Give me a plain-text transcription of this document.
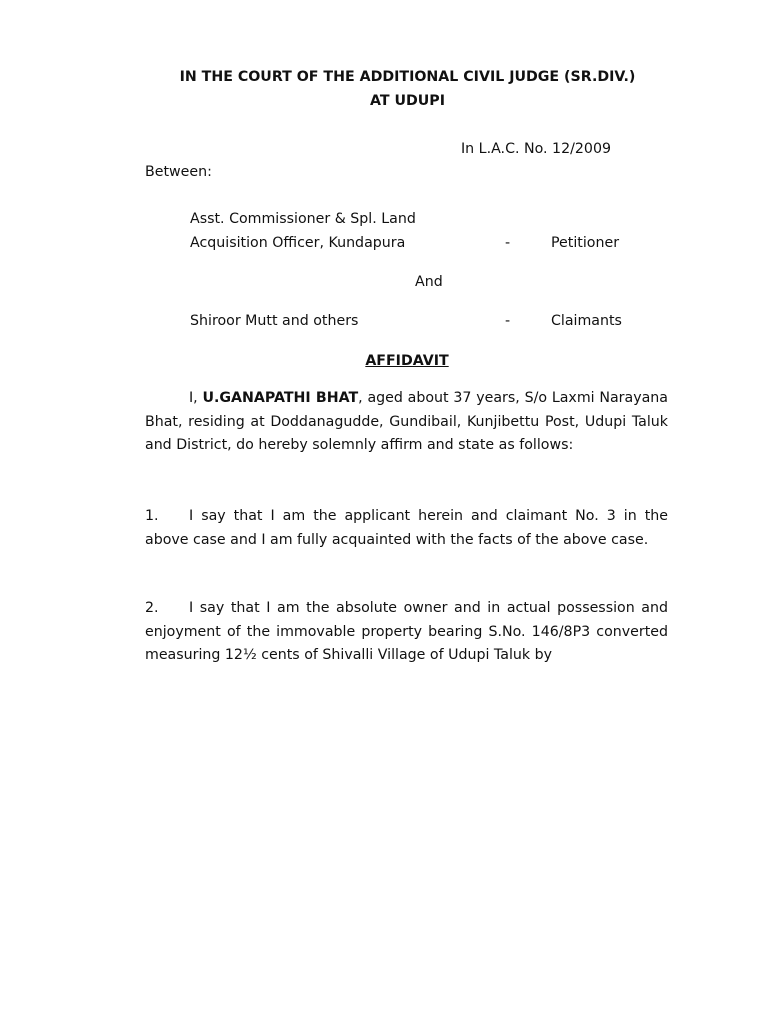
IN THE COURT OF THE ADDITIONAL CIVIL JUDGE (SR.DIV.)
AT UDUPI
In L.A.C. No. 12/2009
Between:
Asst. Commissioner & Spl. Land
Acquisition Officer, Kundapura	-	Petitioner
And
Shiroor Mutt and others	-	Claimants
AFFIDAVIT
I, U.GANAPATHI BHAT, aged about 37 years, S/o Laxmi Narayana Bhat, residing at Doddanagudde, Gundibail, Kunjibettu Post, Udupi Taluk and District, do hereby solemnly affirm and state as follows:
1. I say that I am the applicant herein and claimant No. 3 in the above case and I am fully acquainted with the facts of the above case.
2. I say that I am the absolute owner and in actual possession and enjoyment of the immovable property bearing S.No. 146/8P3 converted measuring 12½ cents of Shivalli Village of Udupi Taluk by
